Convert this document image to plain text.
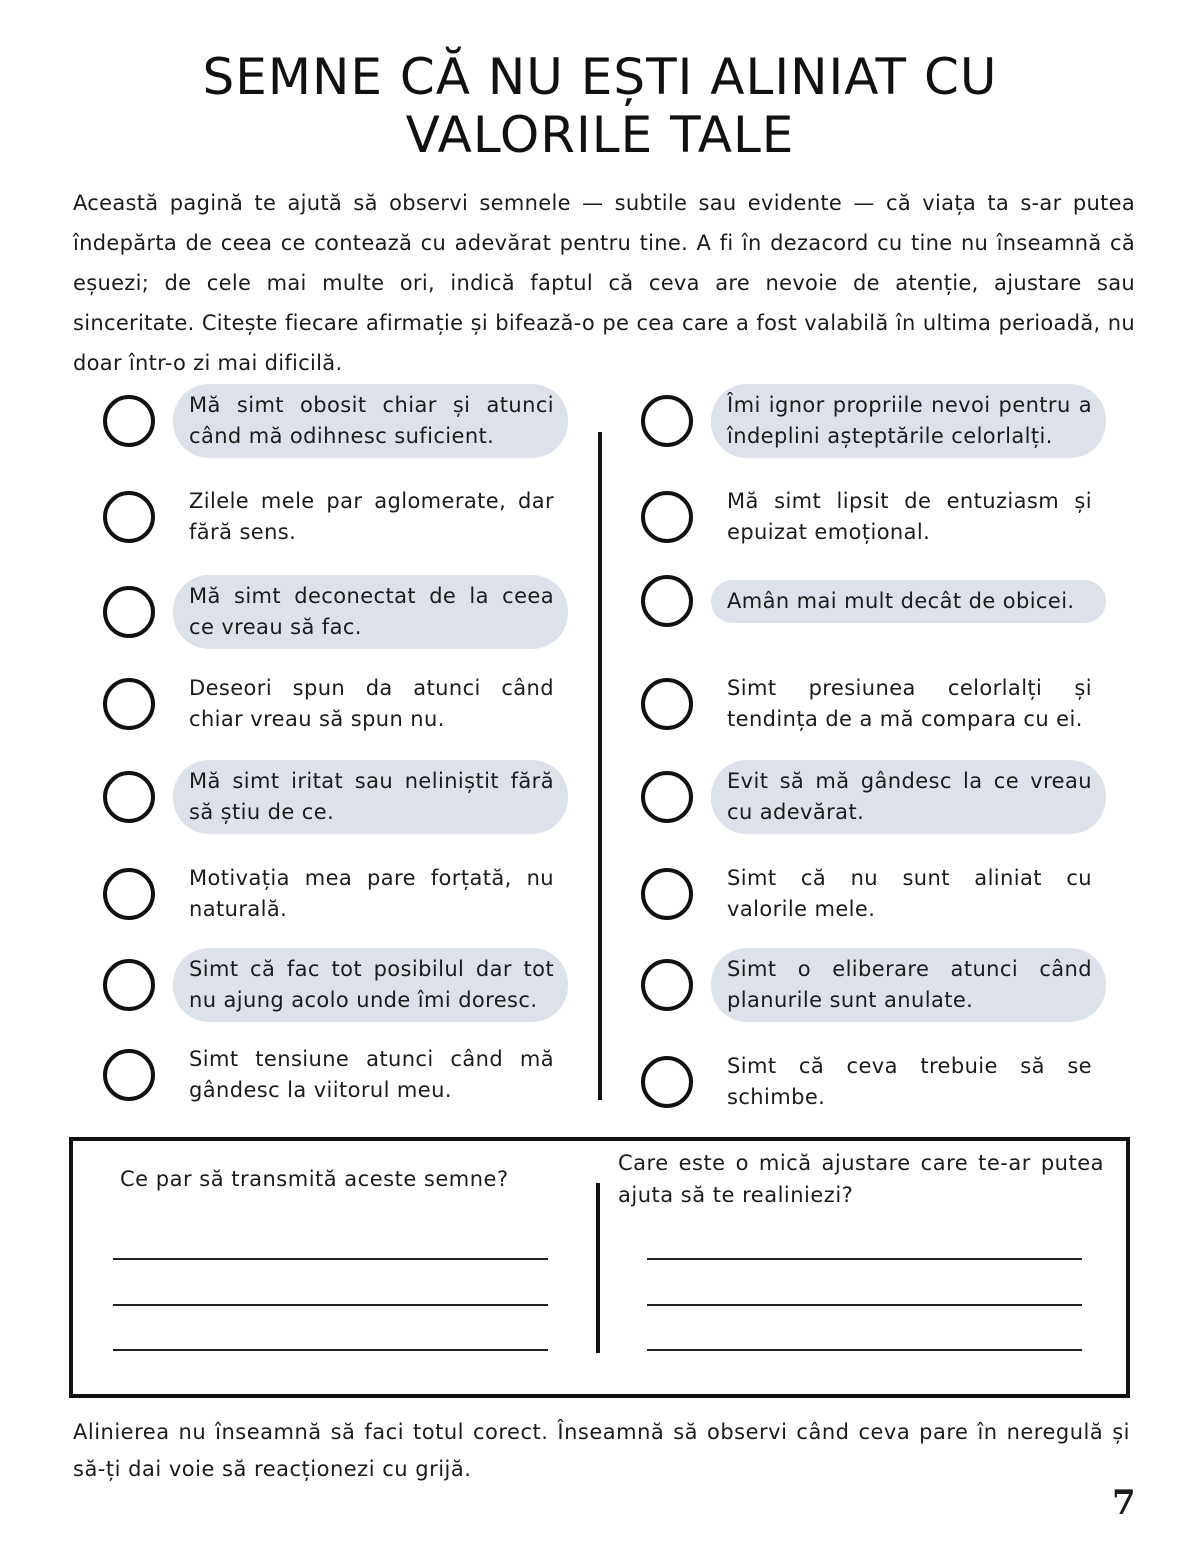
SEMNE CĂ NU EȘTI ALINIAT CU
VALORILE TALE

Această pagină te ajută să observi semnele — subtile sau evidente — că viața ta s-ar putea îndepărta de ceea ce contează cu adevărat pentru tine. A fi în dezacord cu tine nu înseamnă că eșuezi; de cele mai multe ori, indică faptul că ceva are nevoie de atenție, ajustare sau sinceritate. Citește fiecare afirmație și bifează-o pe cea care a fost valabilă în ultima perioadă, nu doar într-o zi mai dificilă.

Mă simt obosit chiar și atunci când mă odihnesc suficient.
Zilele mele par aglomerate, dar fără sens.
Mă simt deconectat de la ceea ce vreau să fac.
Deseori spun da atunci când chiar vreau să spun nu.
Mă simt iritat sau neliniștit fără să știu de ce.
Motivația mea pare forțată, nu naturală.
Simt că fac tot posibilul dar tot nu ajung acolo unde îmi doresc.
Simt tensiune atunci când mă gândesc la viitorul meu.
Îmi ignor propriile nevoi pentru a îndeplini așteptările celorlalți.
Mă simt lipsit de entuziasm și epuizat emoțional.
Amân mai mult decât de obicei.
Simt presiunea celorlalți și tendința de a mă compara cu ei.
Evit să mă gândesc la ce vreau cu adevărat.
Simt că nu sunt aliniat cu valorile mele.
Simt o eliberare atunci când planurile sunt anulate.
Simt că ceva trebuie să se schimbe.

Ce par să transmită aceste semne?

Care este o mică ajustare care te-ar putea ajuta să te realiniezi?

Alinierea nu înseamnă să faci totul corect. Înseamnă să observi când ceva pare în neregulă și să-ți dai voie să reacționezi cu grijă.

7
